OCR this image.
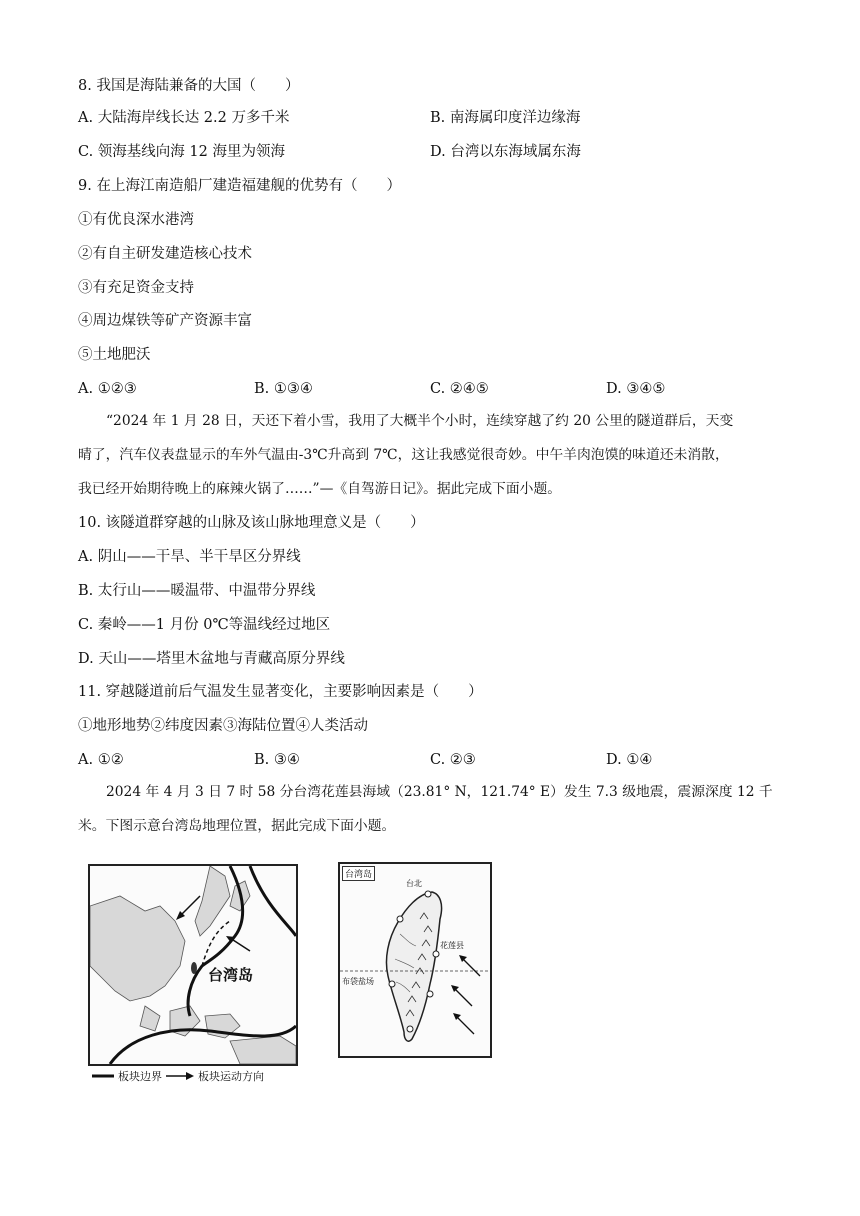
8. 我国是海陆兼备的大国（　　）
A. 大陆海岸线长达 2.2 万多千米	B. 南海属印度洋边缘海
C. 领海基线向海 12 海里为领海	D. 台湾以东海域属东海
9. 在上海江南造船厂建造福建舰的优势有（　　）
①有优良深水港湾
②有自主研发建造核心技术
③有充足资金支持
④周边煤铁等矿产资源丰富
⑤土地肥沃
A. ①②③	B. ①③④	C. ②④⑤	D. ③④⑤
“2024 年 1 月 28 日，天还下着小雪，我用了大概半个小时，连续穿越了约 20 公里的隧道群后，天变
晴了，汽车仪表盘显示的车外气温由-3℃升高到 7℃，这让我感觉很奇妙。中午羊肉泡馍的味道还未消散，
我已经开始期待晚上的麻辣火锅了……”—《自驾游日记》。据此完成下面小题。
10. 该隧道群穿越的山脉及该山脉地理意义是（　　）
A. 阴山——干旱、半干旱区分界线
B. 太行山——暖温带、中温带分界线
C. 秦岭——1 月份 0℃等温线经过地区
D. 天山——塔里木盆地与青藏高原分界线
11. 穿越隧道前后气温发生显著变化，主要影响因素是（　　）
①地形地势②纬度因素③海陆位置④人类活动
A. ①②	B. ③④	C. ②③	D. ①④
2024 年 4 月 3 日 7 时 58 分台湾花莲县海域（23.81° N，121.74° E）发生 7.3 级地震，震源深度 12 千
米。下图示意台湾岛地理位置，据此完成下面小题。
台湾岛
板块边界	板块运动方向
台湾岛
台北
花莲县
布袋盐场
